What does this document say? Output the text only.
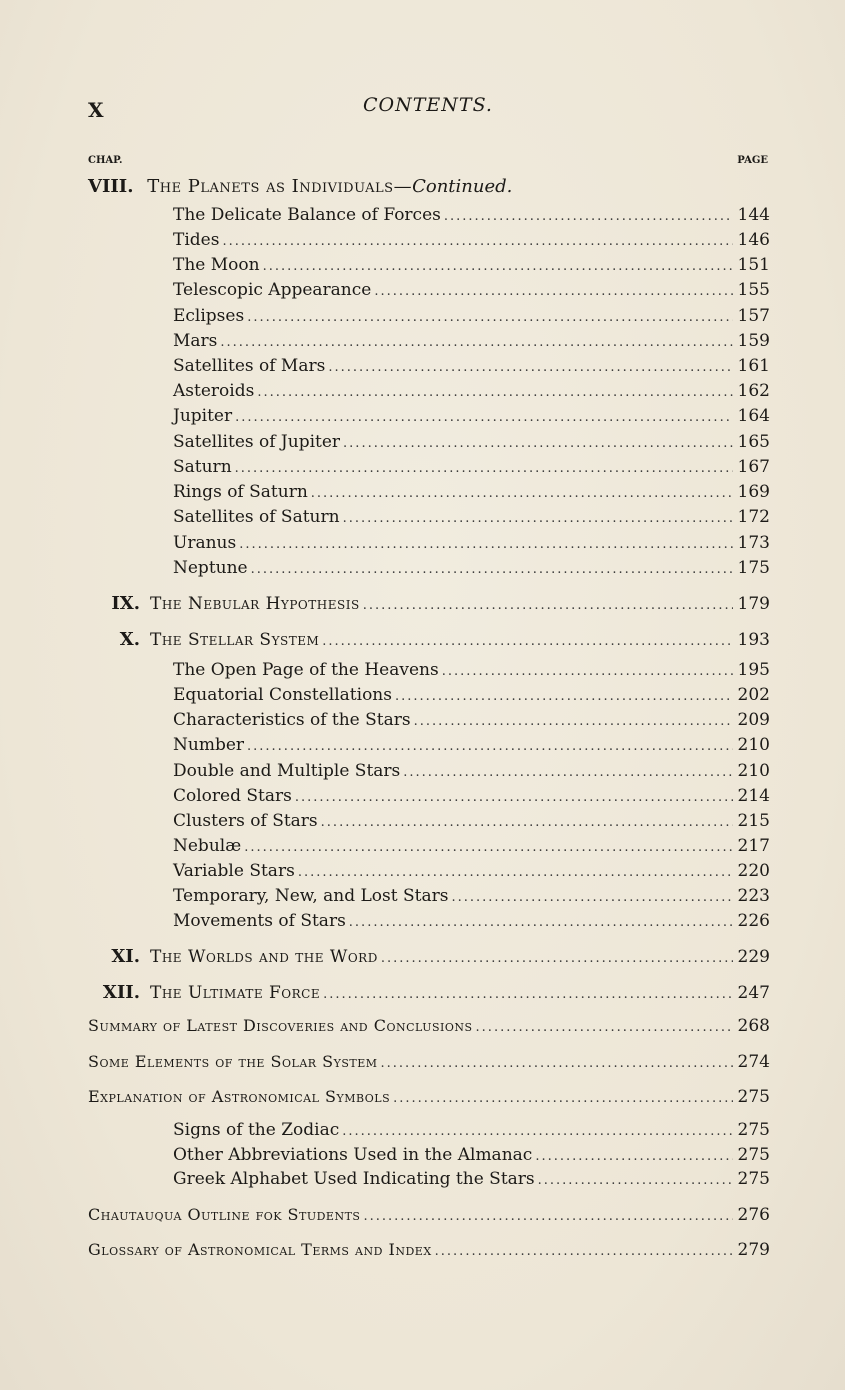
X	CONTENTS.
CHAP.	PAGE
VIII. The Planets as Individuals—Continued.
The Delicate Balance of Forces .....	144
Tides .....	146
The Moon .....	151
Telescopic Appearance .....	155
Eclipses .....	157
Mars .....	159
Satellites of Mars .....	161
Asteroids .....	162
Jupiter .....	164
Satellites of Jupiter .....	165
Saturn .....	167
Rings of Saturn .....	169
Satellites of Saturn .....	172
Uranus .....	173
Neptune .....	175
IX. The Nebular Hypothesis .....	179
X. The Stellar System .....	193
The Open Page of the Heavens .....	195
Equatorial Constellations .....	202
Characteristics of the Stars .....	209
Number .....	210
Double and Multiple Stars .....	210
Colored Stars .....	214
Clusters of Stars .....	215
Nebulæ .....	217
Variable Stars .....	220
Temporary, New, and Lost Stars .....	223
Movements of Stars .....	226
XI. The Worlds and the Word .....	229
XII. The Ultimate Force .....	247
Summary of Latest Discoveries and Conclusions .....	268
Some Elements of the Solar System .....	274
Explanation of Astronomical Symbols .....	275
Signs of the Zodiac .....	275
Other Abbreviations Used in the Almanac .....	275
Greek Alphabet Used Indicating the Stars .....	275
Chautauqua Outline fok Students .....	276
Glossary of Astronomical Terms and Index .....	279
